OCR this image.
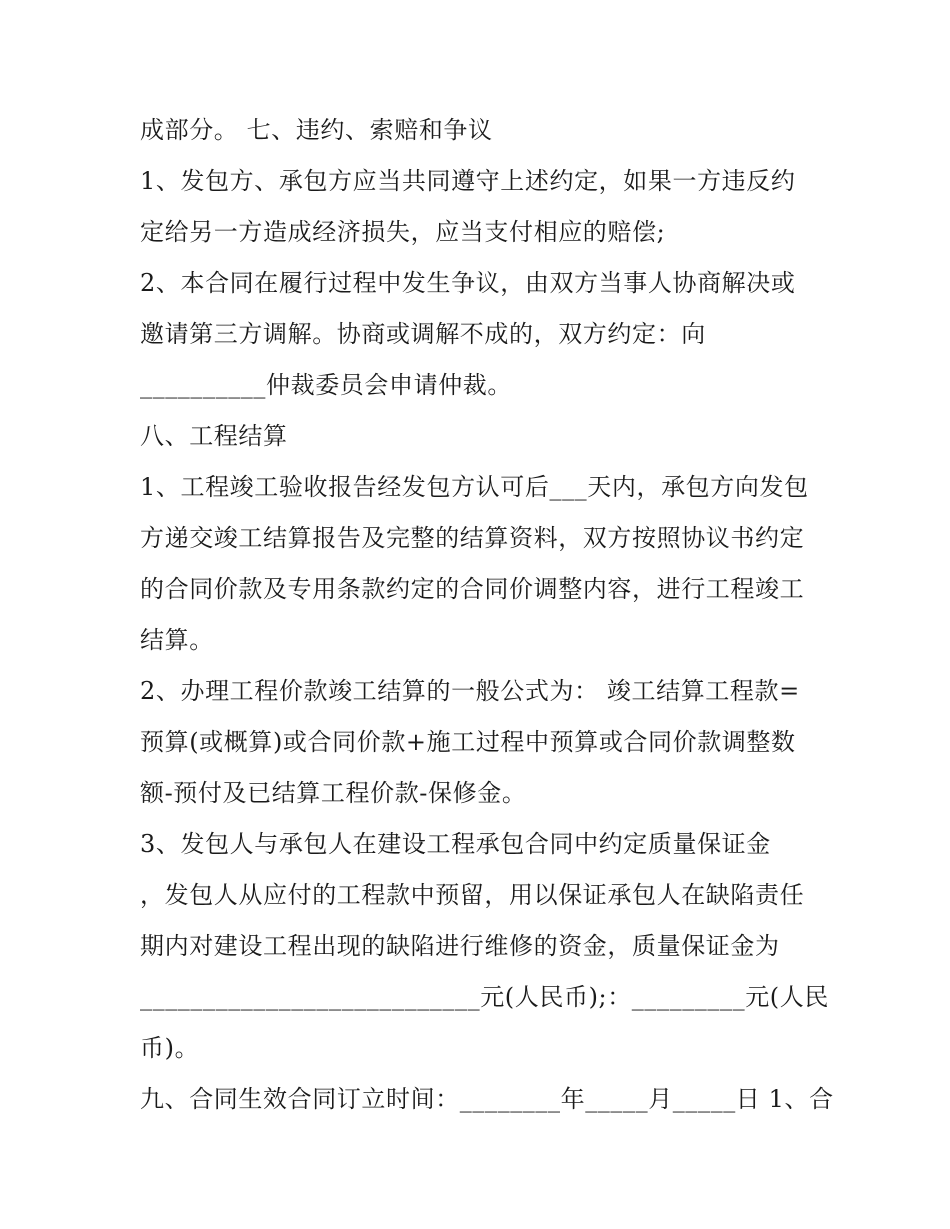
成部分。 七、违约、索赔和争议
1、发包方、承包方应当共同遵守上述约定，如果一方违反约
定给另一方造成经济损失，应当支付相应的赔偿;
2、本合同在履行过程中发生争议，由双方当事人协商解决或
邀请第三方调解。协商或调解不成的，双方约定：向
__________仲裁委员会申请仲裁。
八、工程结算
1、工程竣工验收报告经发包方认可后___天内，承包方向发包
方递交竣工结算报告及完整的结算资料，双方按照协议书约定
的合同价款及专用条款约定的合同价调整内容，进行工程竣工
结算。
2、办理工程价款竣工结算的一般公式为： 竣工结算工程款=
预算(或概算)或合同价款+施工过程中预算或合同价款调整数
额-预付及已结算工程价款-保修金。
3、发包人与承包人在建设工程承包合同中约定质量保证金
，发包人从应付的工程款中预留，用以保证承包人在缺陷责任
期内对建设工程出现的缺陷进行维修的资金，质量保证金为
___________________________元(人民币);：_________元(人民
币)。
九、合同生效合同订立时间：________年_____月_____日 1、合
